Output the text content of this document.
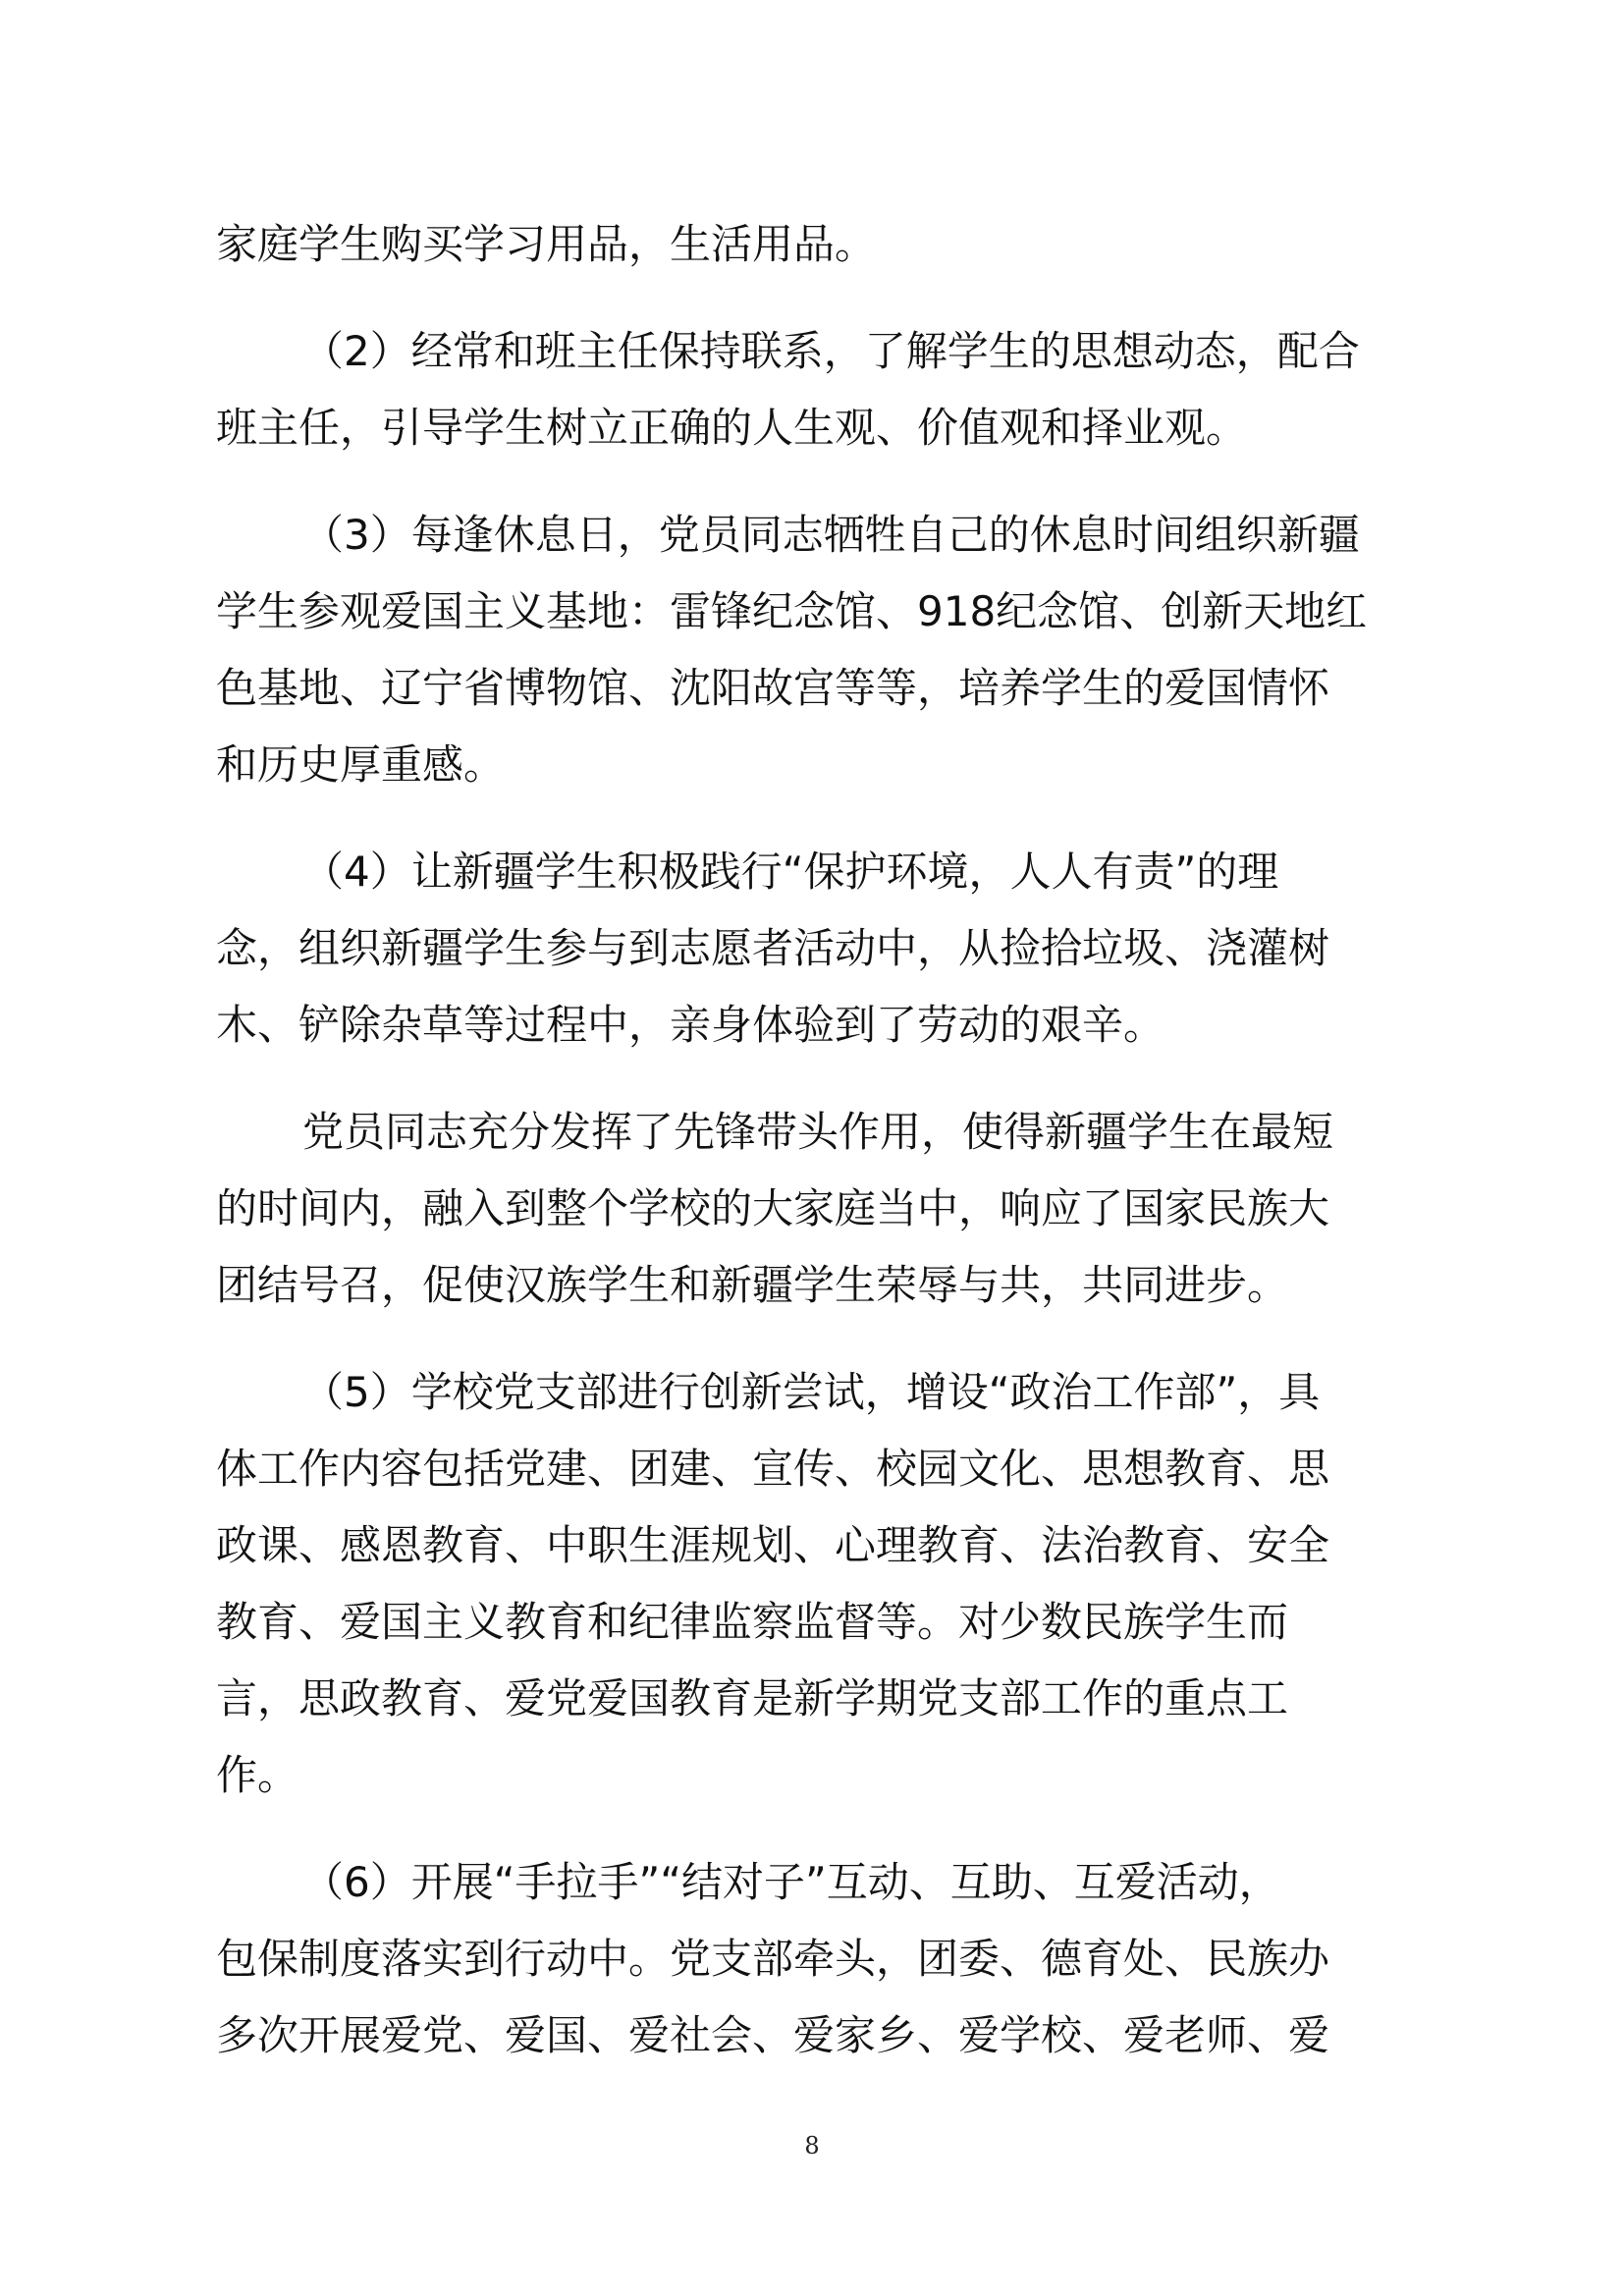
家庭学生购买学习用品，生活用品。
（2）经常和班主任保持联系，了解学生的思想动态，配合
班主任，引导学生树立正确的人生观、价值观和择业观。
（3）每逢休息日，党员同志牺牲自己的休息时间组织新疆
学生参观爱国主义基地：雷锋纪念馆、918纪念馆、创新天地红
色基地、辽宁省博物馆、沈阳故宫等等，培养学生的爱国情怀
和历史厚重感。
（4）让新疆学生积极践行“保护环境，人人有责”的理
念，组织新疆学生参与到志愿者活动中，从捡拾垃圾、浇灌树
木、铲除杂草等过程中，亲身体验到了劳动的艰辛。
党员同志充分发挥了先锋带头作用，使得新疆学生在最短
的时间内，融入到整个学校的大家庭当中，响应了国家民族大
团结号召，促使汉族学生和新疆学生荣辱与共，共同进步。
（5）学校党支部进行创新尝试，增设“政治工作部”，具
体工作内容包括党建、团建、宣传、校园文化、思想教育、思
政课、感恩教育、中职生涯规划、心理教育、法治教育、安全
教育、爱国主义教育和纪律监察监督等。对少数民族学生而
言，思政教育、爱党爱国教育是新学期党支部工作的重点工
作。
（6）开展“手拉手”“结对子”互动、互助、互爱活动，
包保制度落实到行动中。党支部牵头，团委、德育处、民族办
多次开展爱党、爱国、爱社会、爱家乡、爱学校、爱老师、爱
8
